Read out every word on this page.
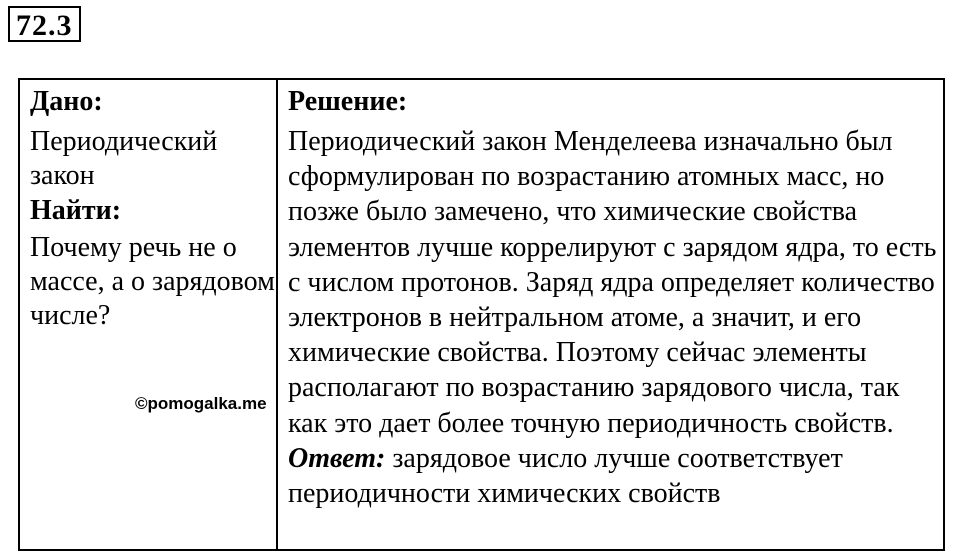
72.3
Дано:
Периодический закон
Найти:
Почему речь не о массе, а о зарядовом числе?
Решение:
Периодический закон Менделеева изначально был сформулирован по возрастанию атомных масс, но позже было замечено, что химические свойства элементов лучше коррелируют с зарядом ядра, то есть с числом протонов. Заряд ядра определяет количество электронов в нейтральном атоме, а значит, и его химические свойства. Поэтому сейчас элементы располагают по возрастанию зарядового числа, так как это дает более точную периодичность свойств. Ответ: зарядовое число лучше соответствует периодичности химических свойств
©pomogalka.me
